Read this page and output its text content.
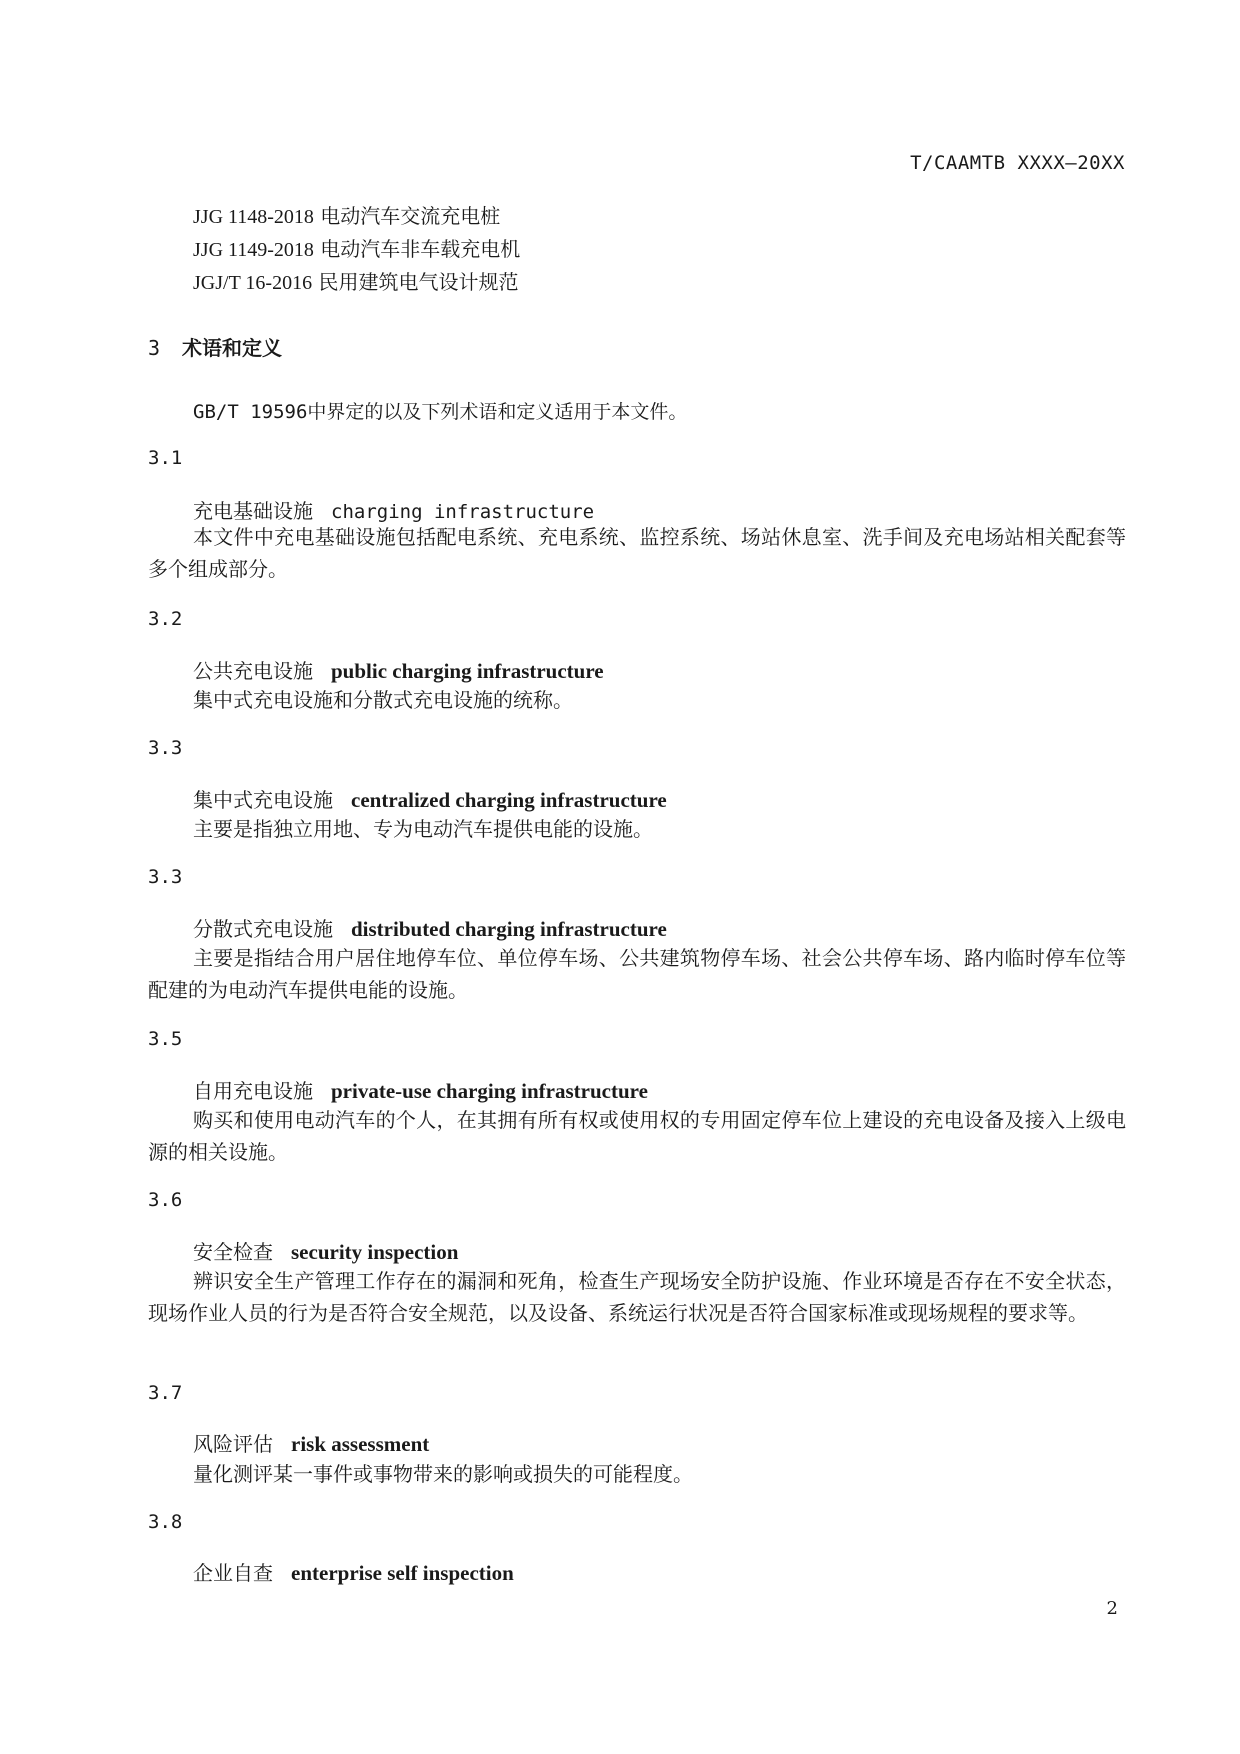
T/CAAMTB XXXX—20XX
JJG 1148-2018 电动汽车交流充电桩
JJG 1149-2018 电动汽车非车载充电机
JGJ/T 16-2016 民用建筑电气设计规范
3 术语和定义
GB/T 19596中界定的以及下列术语和定义适用于本文件。
3.1
充电基础设施 charging infrastructure
本文件中充电基础设施包括配电系统、充电系统、监控系统、场站休息室、洗手间及充电场站相关配套等多个组成部分。
3.2
公共充电设施 public charging infrastructure
集中式充电设施和分散式充电设施的统称。
3.3
集中式充电设施 centralized charging infrastructure
主要是指独立用地、专为电动汽车提供电能的设施。
3.3
分散式充电设施 distributed charging infrastructure
主要是指结合用户居住地停车位、单位停车场、公共建筑物停车场、社会公共停车场、路内临时停车位等配建的为电动汽车提供电能的设施。
3.5
自用充电设施 private-use charging infrastructure
购买和使用电动汽车的个人，在其拥有所有权或使用权的专用固定停车位上建设的充电设备及接入上级电源的相关设施。
3.6
安全检查 security inspection
辨识安全生产管理工作存在的漏洞和死角，检查生产现场安全防护设施、作业环境是否存在不安全状态，现场作业人员的行为是否符合安全规范，以及设备、系统运行状况是否符合国家标准或现场规程的要求等。
3.7
风险评估 risk assessment
量化测评某一事件或事物带来的影响或损失的可能程度。
3.8
企业自查 enterprise self inspection
2
